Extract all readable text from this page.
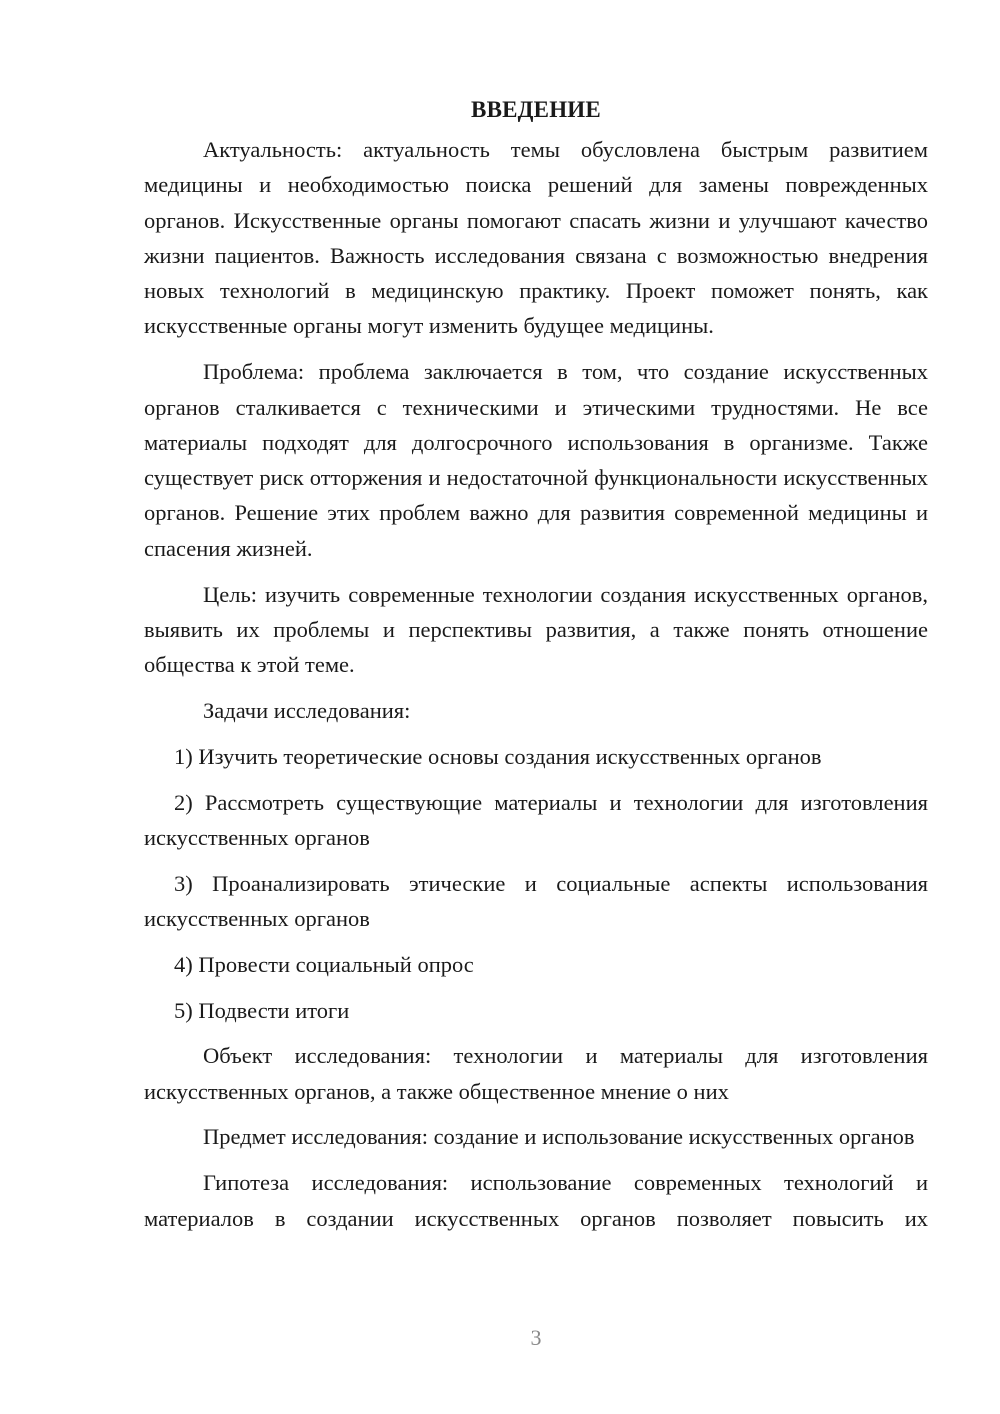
ВВЕДЕНИЕ

Актуальность: актуальность темы обусловлена быстрым развитием медицины и необходимостью поиска решений для замены поврежденных органов. Искусственные органы помогают спасать жизни и улучшают качество жизни пациентов. Важность исследования связана с возможностью внедрения новых технологий в медицинскую практику. Проект поможет понять, как искусственные органы могут изменить будущее медицины.

Проблема: проблема заключается в том, что создание искусственных органов сталкивается с техническими и этическими трудностями. Не все материалы подходят для долгосрочного использования в организме. Также существует риск отторжения и недостаточной функциональности искусственных органов. Решение этих проблем важно для развития современной медицины и спасения жизней.

Цель: изучить современные технологии создания искусственных органов, выявить их проблемы и перспективы развития, а также понять отношение общества к этой теме.

Задачи исследования:

1) Изучить теоретические основы создания искусственных органов

2) Рассмотреть существующие материалы и технологии для изготовления искусственных органов

3) Проанализировать этические и социальные аспекты использования искусственных органов

4) Провести социальный опрос

5) Подвести итоги

Объект исследования: технологии и материалы для изготовления искусственных органов, а также общественное мнение о них

Предмет исследования: создание и использование искусственных органов

Гипотеза исследования: использование современных технологий и материалов в создании искусственных органов позволяет повысить их

3
